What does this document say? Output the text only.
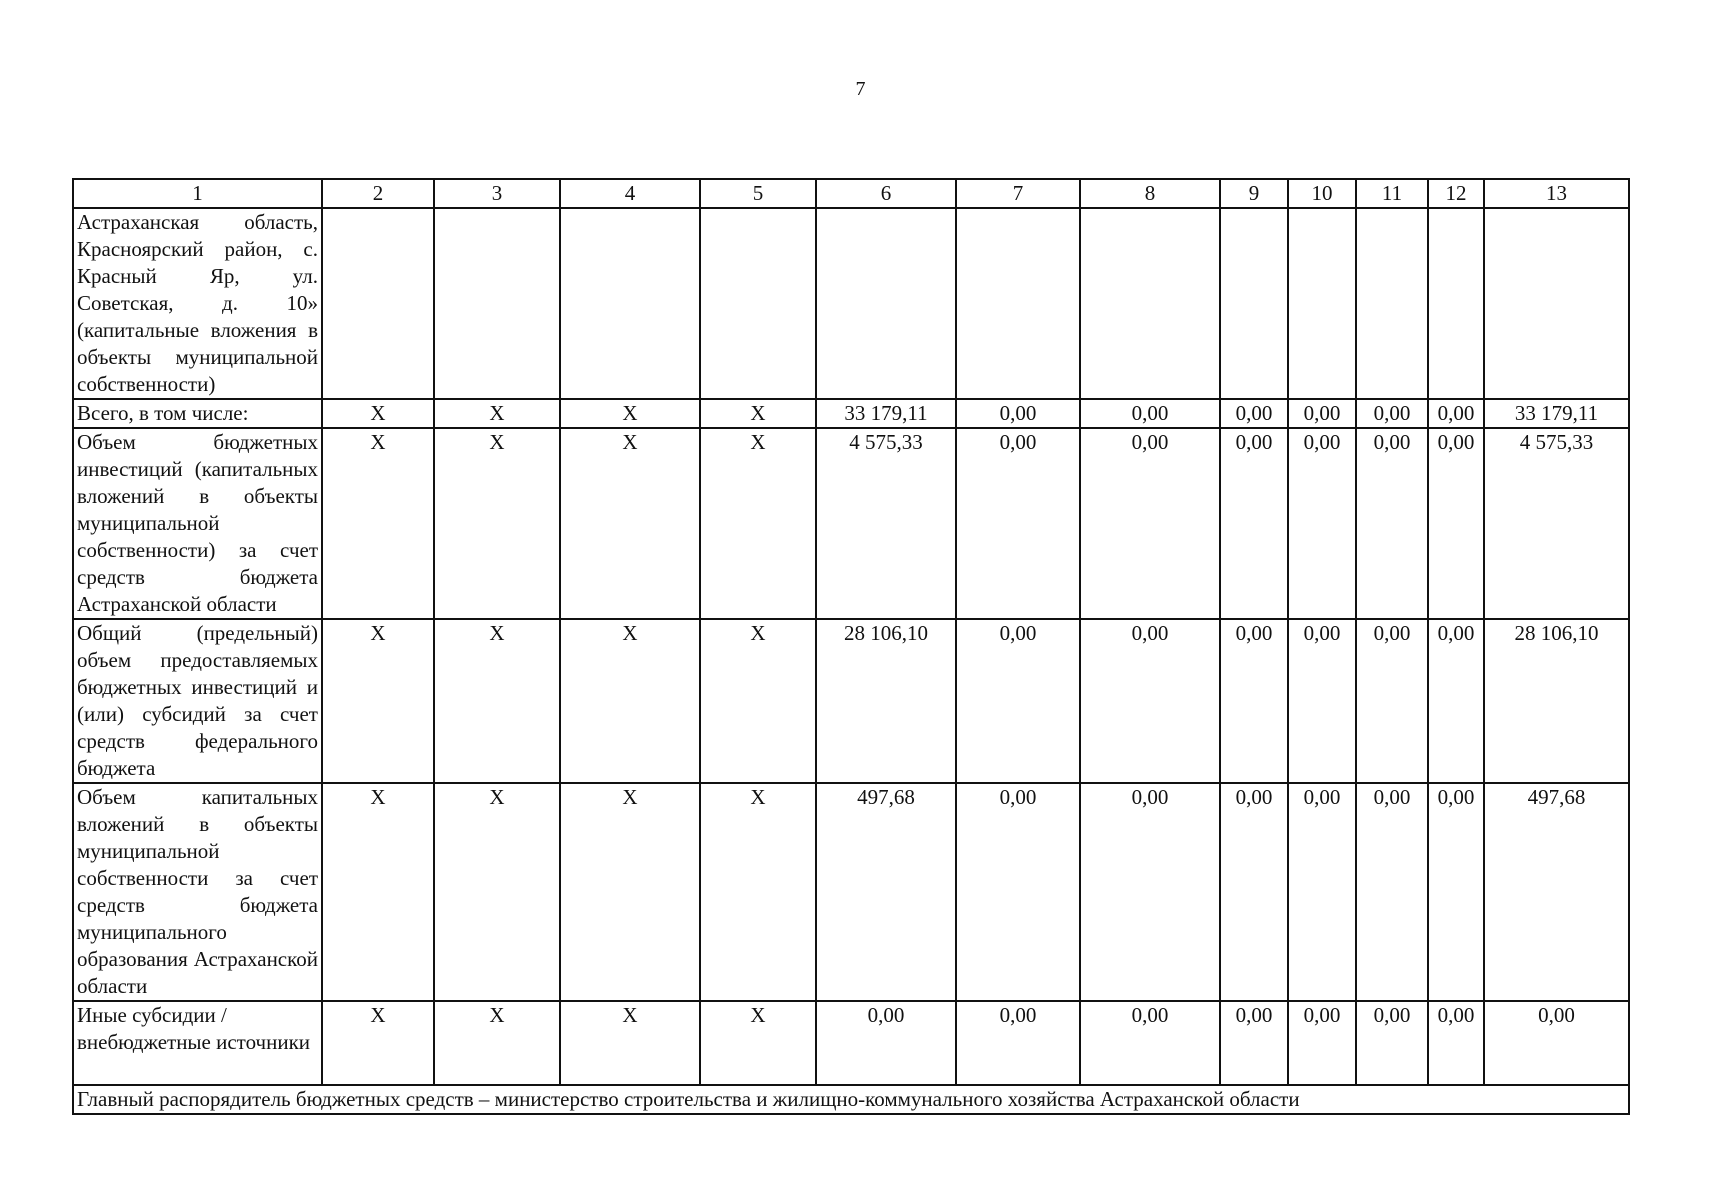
7
1	2	3	4	5	6	7	8	9	10	11	12	13
Астраханская область, Красноярский район, с. Красный Яр, ул. Советская, д. 10» (капитальные вложения в объекты муниципальной собственности)												
Всего, в том числе:	X	X	X	X	33 179,11	0,00	0,00	0,00	0,00	0,00	0,00	33 179,11
Объем бюджетных инвестиций (капитальных вложений в объекты муниципальной собственности) за счет средств бюджета Астраханской области	X	X	X	X	4 575,33	0,00	0,00	0,00	0,00	0,00	0,00	4 575,33
Общий (предельный) объем предоставляемых бюджетных инвестиций и (или) субсидий за счет средств федерального бюджета	X	X	X	X	28 106,10	0,00	0,00	0,00	0,00	0,00	0,00	28 106,10
Объем капитальных вложений в объекты муниципальной собственности за счет средств бюджета муниципального образования Астраханской области	X	X	X	X	497,68	0,00	0,00	0,00	0,00	0,00	0,00	497,68
Иные субсидии / внебюджетные источники	X	X	X	X	0,00	0,00	0,00	0,00	0,00	0,00	0,00	0,00
Главный распорядитель бюджетных средств – министерство строительства и жилищно-коммунального хозяйства Астраханской области												
